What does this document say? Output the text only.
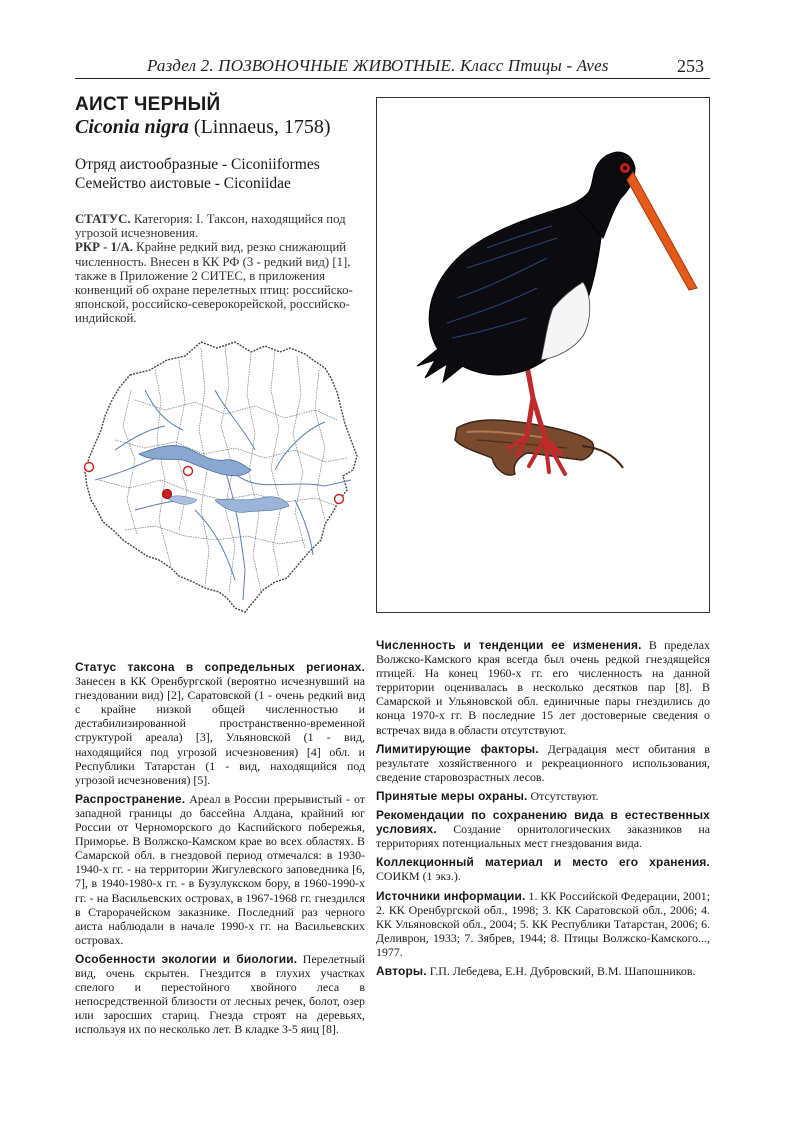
Раздел 2. ПОЗВОНОЧНЫЕ ЖИВОТНЫЕ. Класс Птицы - Aves	253
АИСТ ЧЕРНЫЙ
Ciconia nigra (Linnaeus, 1758)
Отряд аистообразные - Ciconiiformes
Семейство аистовые - Ciconiidae

СТАТУС. Категория: I. Таксон, находящийся под угрозой исчезновения.

РКР - 1/А. Крайне редкий вид, резко снижающий численность. Внесен в КК РФ (3 - редкий вид) [1], также в Приложение 2 СИТЕС, в приложения конвенций об охране перелетных птиц: российско-японской, российско-северокорейской, российско-индийской.

Статус таксона в сопредельных регионах. Занесен в КК Оренбургской (вероятно исчезнувший на гнездовании вид) [2], Саратовской (1 - очень редкий вид с крайне низкой общей численностью и дестабилизированной пространственно-временной структурой ареала) [3], Ульяновской (1 - вид, находящийся под угрозой исчезновения) [4] обл. и Республики Татарстан (1 - вид, находящийся под угрозой исчезновения) [5].

Распространение. Ареал в России прерывистый - от западной границы до бассейна Алдана, крайний юг России от Черноморского до Каспийского побережья, Приморье. В Волжско-Камском крае во всех областях. В Самарской обл. в гнездовой период отмечался: в 1930-1940-х гг. - на территории Жигулевского заповедника [6, 7], в 1940-1980-х гг. - в Бузулукском бору, в 1960-1990-х гг. - на Васильевских островах, в 1967-1968 гг. гнездился в Старорачейском заказнике. Последний раз черного аиста наблюдали в начале 1990-х гг. на Васильевских островах.

Особенности экологии и биологии. Перелетный вид, очень скрытен. Гнездится в глухих участках спелого и перестойного хвойного леса в непосредственной близости от лесных речек, болот, озер или заросших стариц. Гнезда строят на деревьях, используя их по несколько лет. В кладке 3-5 яиц [8].

Численность и тенденции ее изменения. В пределах Волжско-Камского края всегда был очень редкой гнездящейся птицей. На конец 1960-х гг. его численность на данной территории оценивалась в несколько десятков пар [8]. В Самарской и Ульяновской обл. единичные пары гнездились до конца 1970-х гг. В последние 15 лет достоверные сведения о встречах вида в области отсутствуют.

Лимитирующие факторы. Деградация мест обитания в результате хозяйственного и рекреационного использования, сведение старовозрастных лесов.

Принятые меры охраны. Отсутствуют.

Рекомендации по сохранению вида в естественных условиях. Создание орнитологических заказников на территориях потенциальных мест гнездования вида.

Коллекционный материал и место его хранения. СОИКМ (1 экз.).

Источники информации. 1. КК Российской Федерации, 2001; 2. КК Оренбургской обл., 1998; 3. КК Саратовской обл., 2006; 4. КК Ульяновской обл., 2004; 5. КК Республики Татарстан, 2006; 6. Деливрон, 1933; 7. Зябрев, 1944; 8. Птицы Волжско-Камского..., 1977.

Авторы. Г.П. Лебедева, Е.Н. Дубровский, В.М. Шапошников.
